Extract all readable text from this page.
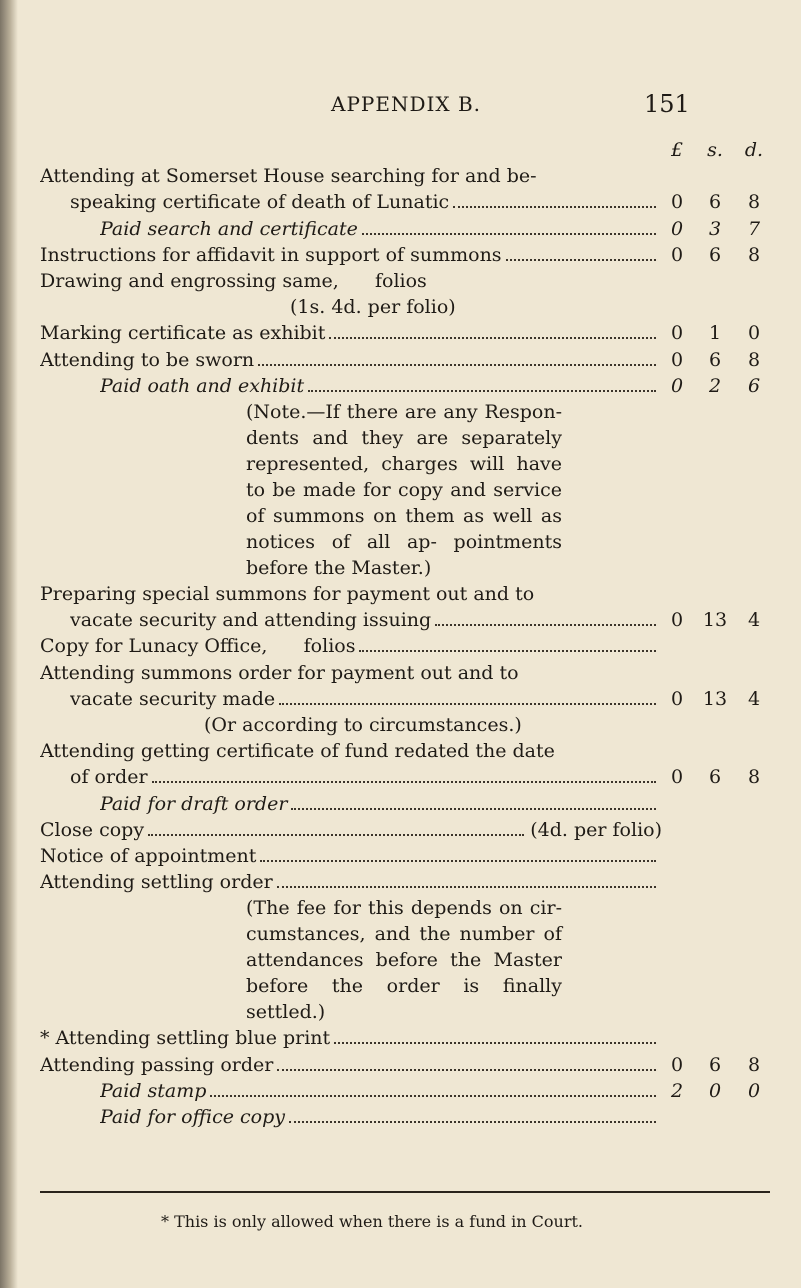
APPENDIX B.	151
£	s.	d.
Attending at Somerset House searching for and be-
speaking certificate of death of Lunatic	0	6	8
Paid search and certificate	0	3	7
Instructions for affidavit in support of summons	0	6	8
Drawing and engrossing same,      folios
(1s. 4d. per folio)
Marking certificate as exhibit	0	1	0
Attending to be sworn	0	6	8
Paid oath and exhibit	0	2	6
(Note.—If there are any Respon- dents and they are separately represented, charges will have to be made for copy and service of summons on them as well as notices of all ap- pointments before the Master.)
Preparing special summons for payment out and to
vacate security and attending issuing	0	13	4
Copy for Lunacy Office,      folios
Attending summons order for payment out and to
vacate security made	0	13	4
(Or according to circumstances.)
Attending getting certificate of fund redated the date
of order	0	6	8
Paid for draft order
Close copy	(4d. per folio)
Notice of appointment
Attending settling order
(The fee for this depends on cir- cumstances, and the number of attendances before the Master before the order is finally settled.)
* Attending settling blue print
Attending passing order	0	6	8
Paid stamp	2	0	0
Paid for office copy
* This is only allowed when there is a fund in Court.
